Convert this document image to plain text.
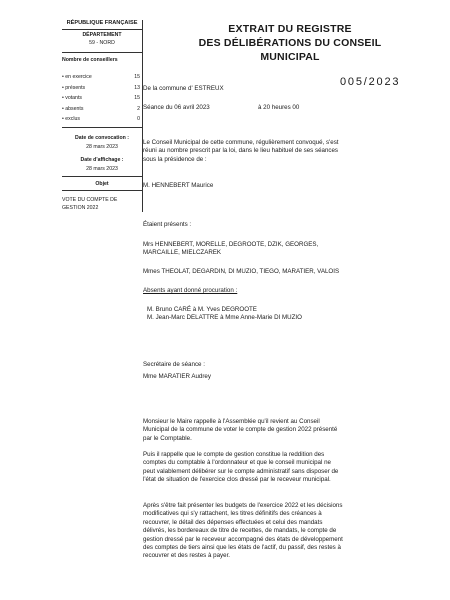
RÉPUBLIQUE FRANÇAISE
DÉPARTEMENT
59 - NORD
Nombre de conseillers
• en exercice	15
• présents	13
• votants	15
• absents	2
• exclus	0
Date de convocation :
28 mars 2023
Date d'affichage :
28 mars 2023
Objet
VOTE DU COMPTE DE
GESTION 2022
EXTRAIT DU REGISTRE
DES DÉLIBÉRATIONS DU CONSEIL
MUNICIPAL
005/2023
De la commune d' ESTREUX
Séance du 06 avril 2023	à 20 heures 00
Le Conseil Municipal de cette commune, régulièrement convoqué, s'est
réuni au nombre prescrit par la loi, dans le lieu habituel de ses séances
sous la présidence de :
M. HENNEBERT Maurice
Étaient présents :
Mrs HENNEBERT, MORELLE, DEGROOTE, DZIK, GEORGES,
MARCAILLE, MIELCZAREK
Mmes THEOLAT, DEGARDIN, DI MUZIO, TIEGO, MARATIER, VALOIS
Absents ayant donné procuration :
M. Bruno CARÉ à M. Yves DEGROOTE
M. Jean-Marc DELATTRE à Mme Anne-Marie DI MUZIO
Secrétaire de séance :
Mme MARATIER Audrey
Monsieur le Maire rappelle à l'Assemblée qu'il revient au Conseil
Municipal de la commune de voter le compte de gestion 2022 présenté
par le Comptable.
Puis il rappelle que le compte de gestion constitue la reddition des
comptes du comptable à l'ordonnateur et que le conseil municipal ne
peut valablement délibérer sur le compte administratif sans disposer de
l'état de situation de l'exercice clos dressé par le receveur municipal.
Après s'être fait présenter les budgets de l'exercice 2022 et les décisions
modificatives qui s'y rattachent, les titres définitifs des créances à
recouvrer, le détail des dépenses effectuées et celui des mandats
délivrés, les bordereaux de titre de recettes, de mandats, le compte de
gestion dressé par le receveur accompagné des états de développement
des comptes de tiers ainsi que les états de l'actif, du passif, des restes à
recouvrer et des restes à payer.
